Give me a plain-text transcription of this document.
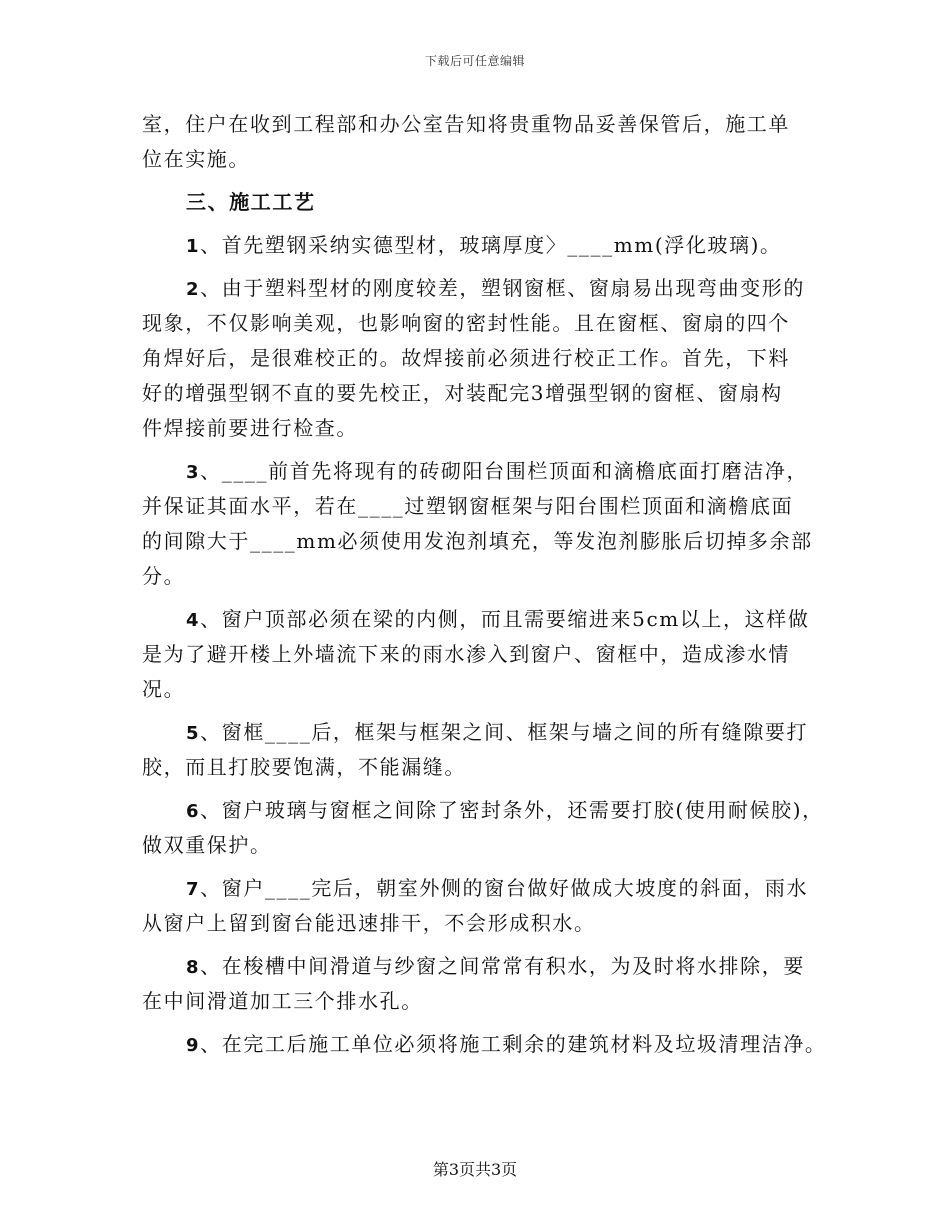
下载后可任意编辑
室，住户在收到工程部和办公室告知将贵重物品妥善保管后，施工单
位在实施。
三、施工工艺
1、首先塑钢采纳实德型材，玻璃厚度〉____mm(浮化玻璃)。
2、由于塑料型材的刚度较差，塑钢窗框、窗扇易出现弯曲变形的
现象，不仅影响美观，也影响窗的密封性能。且在窗框、窗扇的四个
角焊好后，是很难校正的。故焊接前必须进行校正工作。首先，下料
好的增强型钢不直的要先校正，对装配完3增强型钢的窗框、窗扇构
件焊接前要进行检查。
3、____前首先将现有的砖砌阳台围栏顶面和滴檐底面打磨洁净，
并保证其面水平，若在____过塑钢窗框架与阳台围栏顶面和滴檐底面
的间隙大于____mm必须使用发泡剂填充，等发泡剂膨胀后切掉多余部
分。
4、窗户顶部必须在梁的内侧，而且需要缩进来5cm以上，这样做
是为了避开楼上外墙流下来的雨水渗入到窗户、窗框中，造成渗水情
况。
5、窗框____后，框架与框架之间、框架与墙之间的所有缝隙要打
胶，而且打胶要饱满，不能漏缝。
6、窗户玻璃与窗框之间除了密封条外，还需要打胶(使用耐候胶)，
做双重保护。
7、窗户____完后，朝室外侧的窗台做好做成大坡度的斜面，雨水
从窗户上留到窗台能迅速排干，不会形成积水。
8、在梭槽中间滑道与纱窗之间常常有积水，为及时将水排除，要
在中间滑道加工三个排水孔。
9、在完工后施工单位必须将施工剩余的建筑材料及垃圾清理洁净。
第3页共3页
